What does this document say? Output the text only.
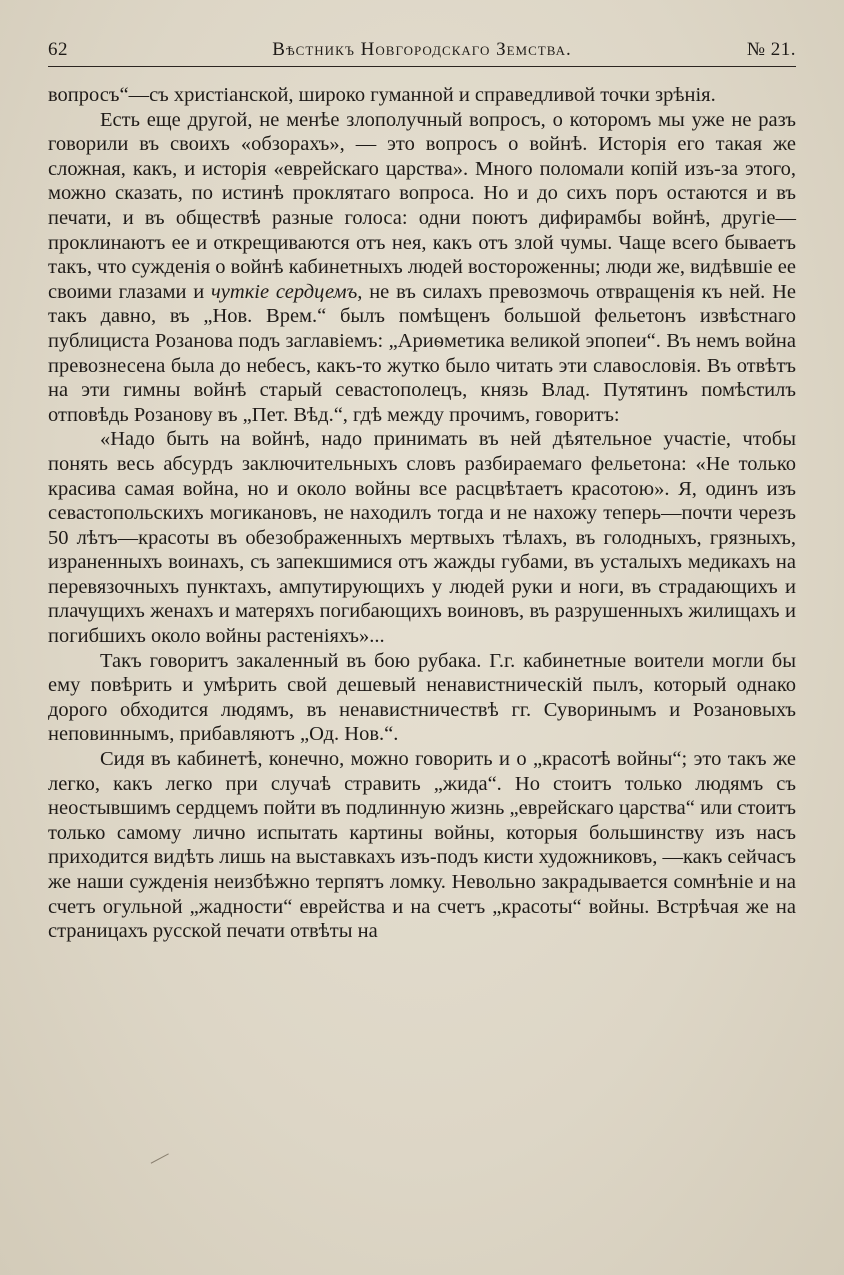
62	Вѣстникъ Новгородскаго Земства.	№ 21.

вопросъ“—съ христіанской, широко гуманной и справедливой точки зрѣнія.

Есть еще другой, не менѣе злополучный вопросъ, о которомъ мы уже не разъ говорили въ своихъ «обзорахъ», — это вопросъ о войнѣ. Исторія его такая же сложная, какъ, и исторія «еврейскаго царства». Много поломали копій изъ-за этого, можно сказать, по истинѣ проклятаго вопроса. Но и до сихъ поръ остаются и въ печати, и въ обществѣ разные голоса: одни поютъ дифирамбы войнѣ, другіе—проклинаютъ ее и открещиваются отъ нея, какъ отъ злой чумы. Чаще всего бываетъ такъ, что сужденія о войнѣ кабинетныхъ людей востороженны; люди же, видѣвшіе ее своими глазами и чуткіе сердцемъ, не въ силахъ превозмочь отвращенія къ ней. Не такъ давно, въ „Нов. Врем.“ былъ помѣщенъ большой фельетонъ извѣстнаго публициста Розанова подъ заглавіемъ: „Ариѳметика великой эпопеи“. Въ немъ война превознесена была до небесъ, какъ-то жутко было читать эти славословія. Въ отвѣтъ на эти гимны войнѣ старый севастополецъ, князь Влад. Путятинъ помѣстилъ отповѣдь Розанову въ „Пет. Вѣд.“, гдѣ между прочимъ, говоритъ:

«Надо быть на войнѣ, надо принимать въ ней дѣятельное участіе, чтобы понять весь абсурдъ заключительныхъ словъ разбираемаго фельетона: «Не только красива самая война, но и около войны все расцвѣтаетъ красотою». Я, одинъ изъ севастопольскихъ могикановъ, не находилъ тогда и не нахожу теперь—почти черезъ 50 лѣтъ—красоты въ обезображенныхъ мертвыхъ тѣлахъ, въ голодныхъ, грязныхъ, израненныхъ воинахъ, съ запекшимися отъ жажды губами, въ усталыхъ медикахъ на перевязочныхъ пунктахъ, ампутирующихъ у людей руки и ноги, въ страдающихъ и плачущихъ женахъ и матеряхъ погибающихъ воиновъ, въ разрушенныхъ жилищахъ и погибшихъ около войны растеніяхъ»...

Такъ говоритъ закаленный въ бою рубака. Г.г. кабинетные воители могли бы ему повѣрить и умѣрить свой дешевый ненавистническій пылъ, который однако дорого обходится людямъ, въ ненавистничествѣ гг. Суворинымъ и Розановыхъ неповиннымъ, прибавляютъ „Од. Нов.“.

Сидя въ кабинетѣ, конечно, можно говорить и о „красотѣ войны“; это такъ же легко, какъ легко при случаѣ стравить „жида“. Но стоитъ только людямъ съ неостывшимъ сердцемъ пойти въ подлинную жизнь „еврейскаго царства“ или стоитъ только самому лично испытать картины войны, которыя большинству изъ насъ приходится видѣть лишь на выставкахъ изъ-подъ кисти художниковъ, —какъ сейчасъ же наши сужденія неизбѣжно терпятъ ломку. Невольно закрадывается сомнѣніе и на счетъ огульной „жадности“ еврейства и на счетъ „красоты“ войны. Встрѣчая же на страницахъ русской печати отвѣты на
